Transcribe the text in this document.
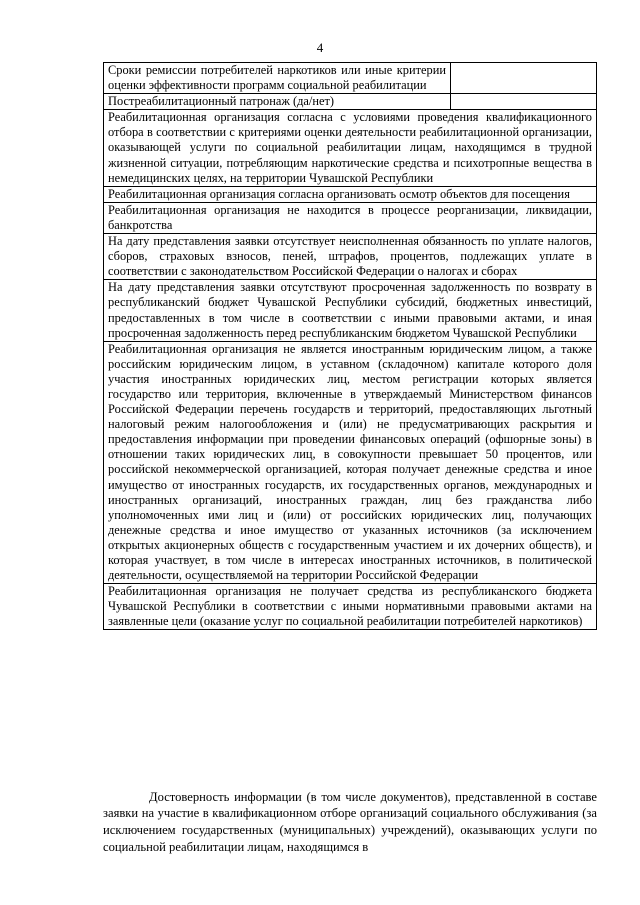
4
Сроки ремиссии потребителей наркотиков или иные критерии оценки эффективности программ социальной реабилитации	
Постреабилитационный патронаж (да/нет)	
Реабилитационная организация согласна с условиями проведения квалификационного отбора в соответствии с критериями оценки деятельности реабилитационной организации, оказывающей услуги по социальной реабилитации лицам, находящимся в трудной жизненной ситуации, потребляющим наркотические средства и психотропные вещества в немедицинских целях, на территории Чувашской Республики	
Реабилитационная организация согласна организовать осмотр объектов для посещения	
Реабилитационная организация не находится в процессе реорганизации, ликвидации, банкротства	
На дату представления заявки отсутствует неисполненная обязанность по уплате налогов, сборов, страховых взносов, пеней, штрафов, процентов, подлежащих уплате в соответствии с законодательством Российской Федерации о налогах и сборах	
На дату представления заявки отсутствуют просроченная задолженность по возврату в республиканский бюджет Чувашской Республики субсидий, бюджетных инвестиций, предоставленных в том числе в соответствии с иными правовыми актами, и иная просроченная задолженность перед республиканским бюджетом Чувашской Республики	
Реабилитационная организация не является иностранным юридическим лицом, а также российским юридическим лицом, в уставном (складочном) капитале которого доля участия иностранных юридических лиц, местом регистрации которых является государство или территория, включенные в утверждаемый Министерством финансов Российской Федерации перечень государств и территорий, предоставляющих льготный налоговый режим налогообложения и (или) не предусматривающих раскрытия и предоставления информации при проведении финансовых операций (офшорные зоны) в отношении таких юридических лиц, в совокупности превышает 50 процентов, или российской некоммерческой организацией, которая получает денежные средства и иное имущество от иностранных государств, их государственных органов, международных и иностранных организаций, иностранных граждан, лиц без гражданства либо уполномоченных ими лиц и (или) от российских юридических лиц, получающих денежные средства и иное имущество от указанных источников (за исключением открытых акционерных обществ с государственным участием и их дочерних обществ), и которая участвует, в том числе в интересах иностранных источников, в политической деятельности, осуществляемой на территории Российской Федерации	
Реабилитационная организация не получает средства из республиканского бюджета Чувашской Республики в соответствии с иными нормативными правовыми актами на заявленные цели (оказание услуг по социальной реабилитации потребителей наркотиков)	

Достоверность информации (в том числе документов), представленной в составе заявки на участие в квалификационном отборе организаций социального обслуживания (за исключением государственных (муниципальных) учреждений), оказывающих услуги по социальной реабилитации лицам, находящимся в
